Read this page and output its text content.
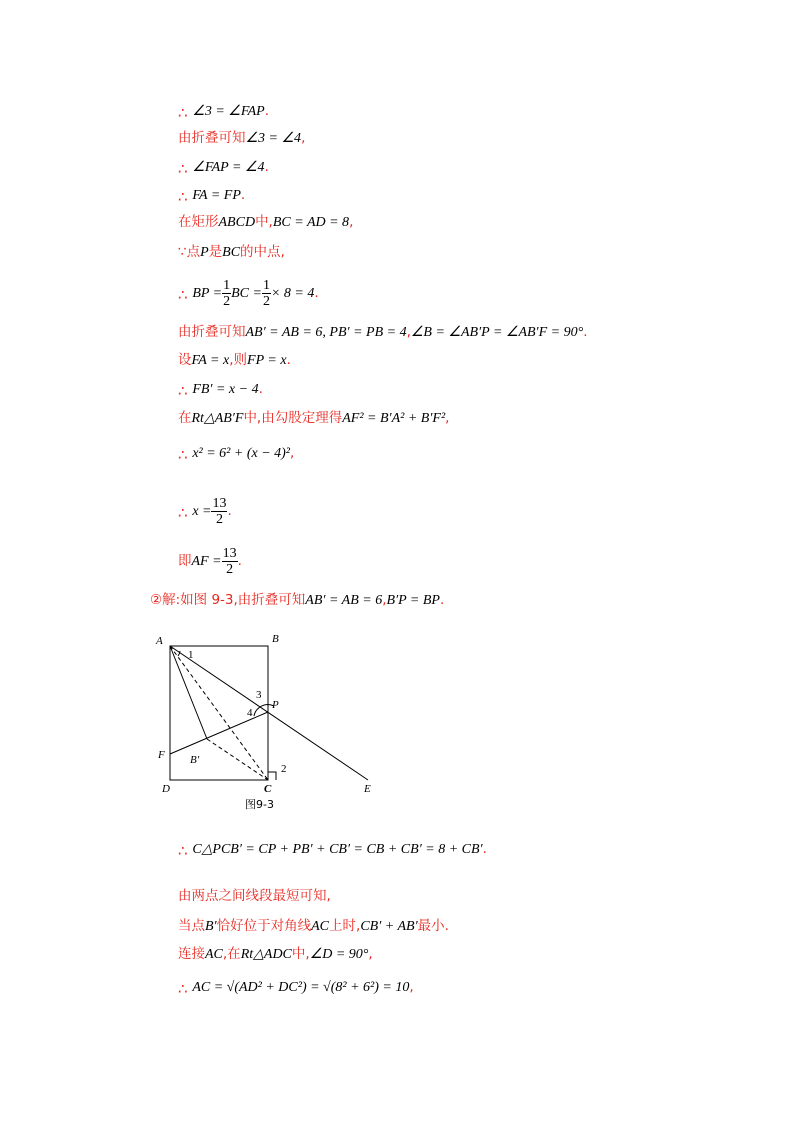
∴ ∠3 = ∠FAP.
由折叠可知∠3 = ∠4,
∴ ∠FAP = ∠4.
∴ FA = FP.
在矩形ABCD中,BC = AD = 8,
∵点P是BC的中点,
∴ BP = $\frac{1}{2}$ BC = $\frac{1}{2} \times 8 = 4$.
由折叠可知AB′ = AB = 6, PB′ = PB = 4,∠B = ∠AB′P = ∠AB′F = 90°.
设FA = x,则FP = x.
∴ FB′ = x − 4.
在Rt△AB′F中,由勾股定理得AF² = B′A² + B′F²,
∴ x² = 6² + (x − 4)²,
∴ $x = \frac{13}{2}$ .
即AF = $\frac{13}{2}$ .
∴ C△PCB′ = CP + PB′ + CB′ = CB + CB′ = 8 + CB′.
由两点之间线段最短可知,
当点B′恰好位于对角线AC上时,CB′ + AB′最小.
连接AC,在Rt△ADC中,∠D = 90°,
∴ AC = √(AD² + DC²) = √(8² + 6²) = 10,
②解:如图 9-3,由折叠可知AB′ = AB = 6,B′P = BP.
A	B
C
D	E
F
P
B′
1
2
3
4
图9-3
